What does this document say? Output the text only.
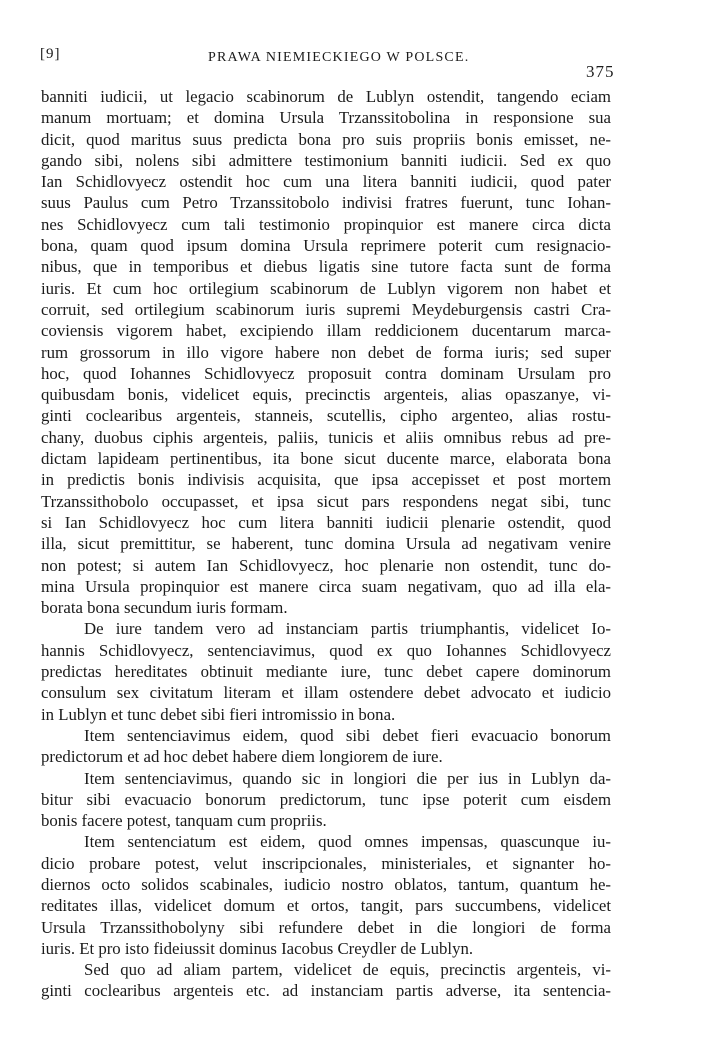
[9]	PRAWA NIEMIECKIEGO W POLSCE.
375
banniti iudicii, ut legacio scabinorum de Lublyn ostendit, tangendo eciam
manum mortuam; et domina Ursula Trzanssitobolina in responsione sua
dicit, quod maritus suus predicta bona pro suis propriis bonis emisset, ne-
gando sibi, nolens sibi admittere testimonium banniti iudicii. Sed ex quo
Ian Schidlovyecz ostendit hoc cum una litera banniti iudicii, quod pater
suus Paulus cum Petro Trzanssitobolo indivisi fratres fuerunt, tunc Iohan-
nes Schidlovyecz cum tali testimonio propinquior est manere circa dicta
bona, quam quod ipsum domina Ursula reprimere poterit cum resignacio-
nibus, que in temporibus et diebus ligatis sine tutore facta sunt de forma
iuris. Et cum hoc ortilegium scabinorum de Lublyn vigorem non habet et
corruit, sed ortilegium scabinorum iuris supremi Meydeburgensis castri Cra-
coviensis vigorem habet, excipiendo illam reddicionem ducentarum marca-
rum grossorum in illo vigore habere non debet de forma iuris; sed super
hoc, quod Iohannes Schidlovyecz proposuit contra dominam Ursulam pro
quibusdam bonis, videlicet equis, precinctis argenteis, alias opaszanye, vi-
ginti coclearibus argenteis, stanneis, scutellis, cipho argenteo, alias rostu-
chany, duobus ciphis argenteis, paliis, tunicis et aliis omnibus rebus ad pre-
dictam lapideam pertinentibus, ita bone sicut ducente marce, elaborata bona
in predictis bonis indivisis acquisita, que ipsa accepisset et post mortem
Trzanssithobolo occupasset, et ipsa sicut pars respondens negat sibi, tunc
si Ian Schidlovyecz hoc cum litera banniti iudicii plenarie ostendit, quod
illa, sicut premittitur, se haberent, tunc domina Ursula ad negativam venire
non potest; si autem Ian Schidlovyecz, hoc plenarie non ostendit, tunc do-
mina Ursula propinquior est manere circa suam negativam, quo ad illa ela-
borata bona secundum iuris formam.
De iure tandem vero ad instanciam partis triumphantis, videlicet Io-
hannis Schidlovyecz, sentenciavimus, quod ex quo Iohannes Schidlovyecz
predictas hereditates obtinuit mediante iure, tunc debet capere dominorum
consulum sex civitatum literam et illam ostendere debet advocato et iudicio
in Lublyn et tunc debet sibi fieri intromissio in bona.
Item sentenciavimus eidem, quod sibi debet fieri evacuacio bonorum
predictorum et ad hoc debet habere diem longiorem de iure.
Item sentenciavimus, quando sic in longiori die per ius in Lublyn da-
bitur sibi evacuacio bonorum predictorum, tunc ipse poterit cum eisdem
bonis facere potest, tanquam cum propriis.
Item sentenciatum est eidem, quod omnes impensas, quascunque iu-
dicio probare potest, velut inscripcionales, ministeriales, et signanter ho-
diernos octo solidos scabinales, iudicio nostro oblatos, tantum, quantum he-
reditates illas, videlicet domum et ortos, tangit, pars succumbens, videlicet
Ursula Trzanssithobolyny sibi refundere debet in die longiori de forma
iuris. Et pro isto fideiussit dominus Iacobus Creydler de Lublyn.
Sed quo ad aliam partem, videlicet de equis, precinctis argenteis, vi-
ginti coclearibus argenteis etc. ad instanciam partis adverse, ita sentencia-
